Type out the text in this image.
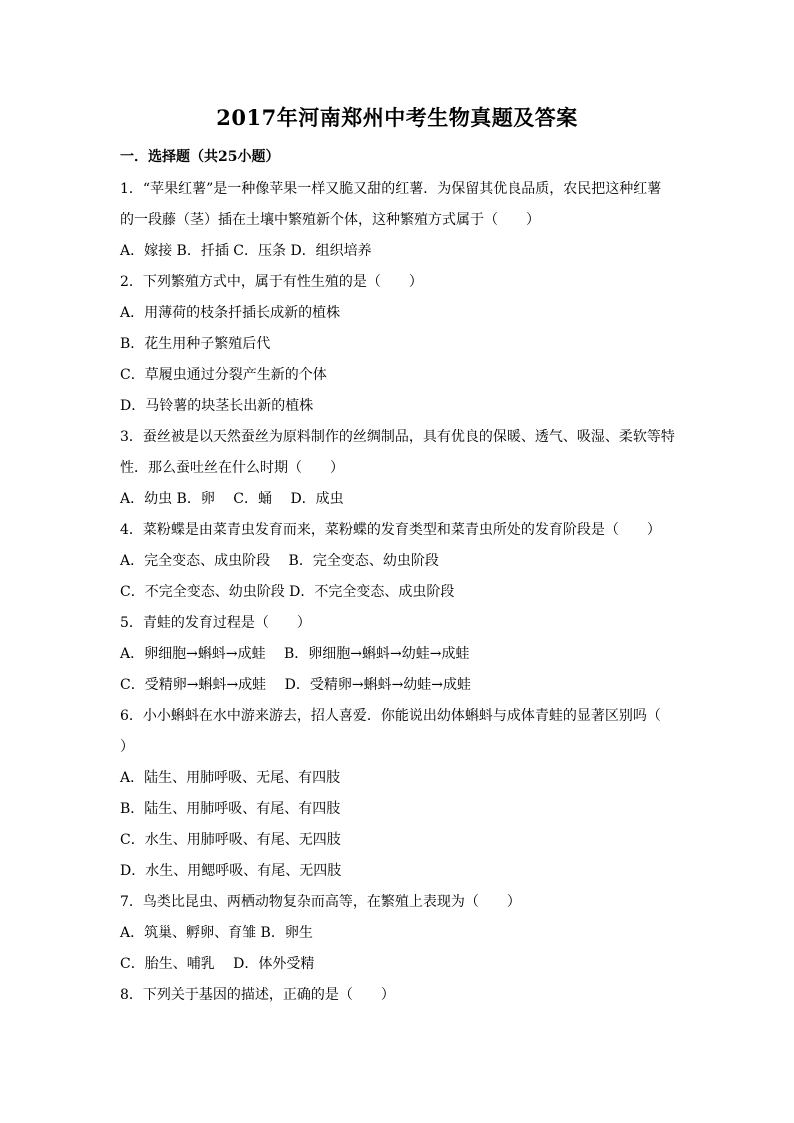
2017年河南郑州中考生物真题及答案
一．选择题（共25小题）
1．“苹果红薯”是一种像苹果一样又脆又甜的红薯．为保留其优良品质，农民把这种红薯
的一段藤（茎）插在土壤中繁殖新个体，这种繁殖方式属于（　　）
A．嫁接 B．扦插 C．压条 D．组织培养
2．下列繁殖方式中，属于有性生殖的是（　　）
A．用薄荷的枝条扦插长成新的植株
B．花生用种子繁殖后代
C．草履虫通过分裂产生新的个体
D．马铃薯的块茎长出新的植株
3．蚕丝被是以天然蚕丝为原料制作的丝绸制品，具有优良的保暖、透气、吸湿、柔软等特
性．那么蚕吐丝在什么时期（　　）
A．幼虫 B．卵　 C．蛹　 D．成虫
4．菜粉蝶是由菜青虫发育而来，菜粉蝶的发育类型和菜青虫所处的发育阶段是（　　）
A．完全变态、成虫阶段　 B．完全变态、幼虫阶段
C．不完全变态、幼虫阶段 D．不完全变态、成虫阶段
5．青蛙的发育过程是（　　）
A．卵细胞→蝌蚪→成蛙　 B．卵细胞→蝌蚪→幼蛙→成蛙
C．受精卵→蝌蚪→成蛙　 D．受精卵→蝌蚪→幼蛙→成蛙
6．小小蝌蚪在水中游来游去，招人喜爱．你能说出幼体蝌蚪与成体青蛙的显著区别吗（
）
A．陆生、用肺呼吸、无尾、有四肢
B．陆生、用肺呼吸、有尾、有四肢
C．水生、用肺呼吸、有尾、无四肢
D．水生、用鳃呼吸、有尾、无四肢
7．鸟类比昆虫、两栖动物复杂而高等，在繁殖上表现为（　　）
A．筑巢、孵卵、育雏 B．卵生
C．胎生、哺乳　 D．体外受精
8．下列关于基因的描述，正确的是（　　）
